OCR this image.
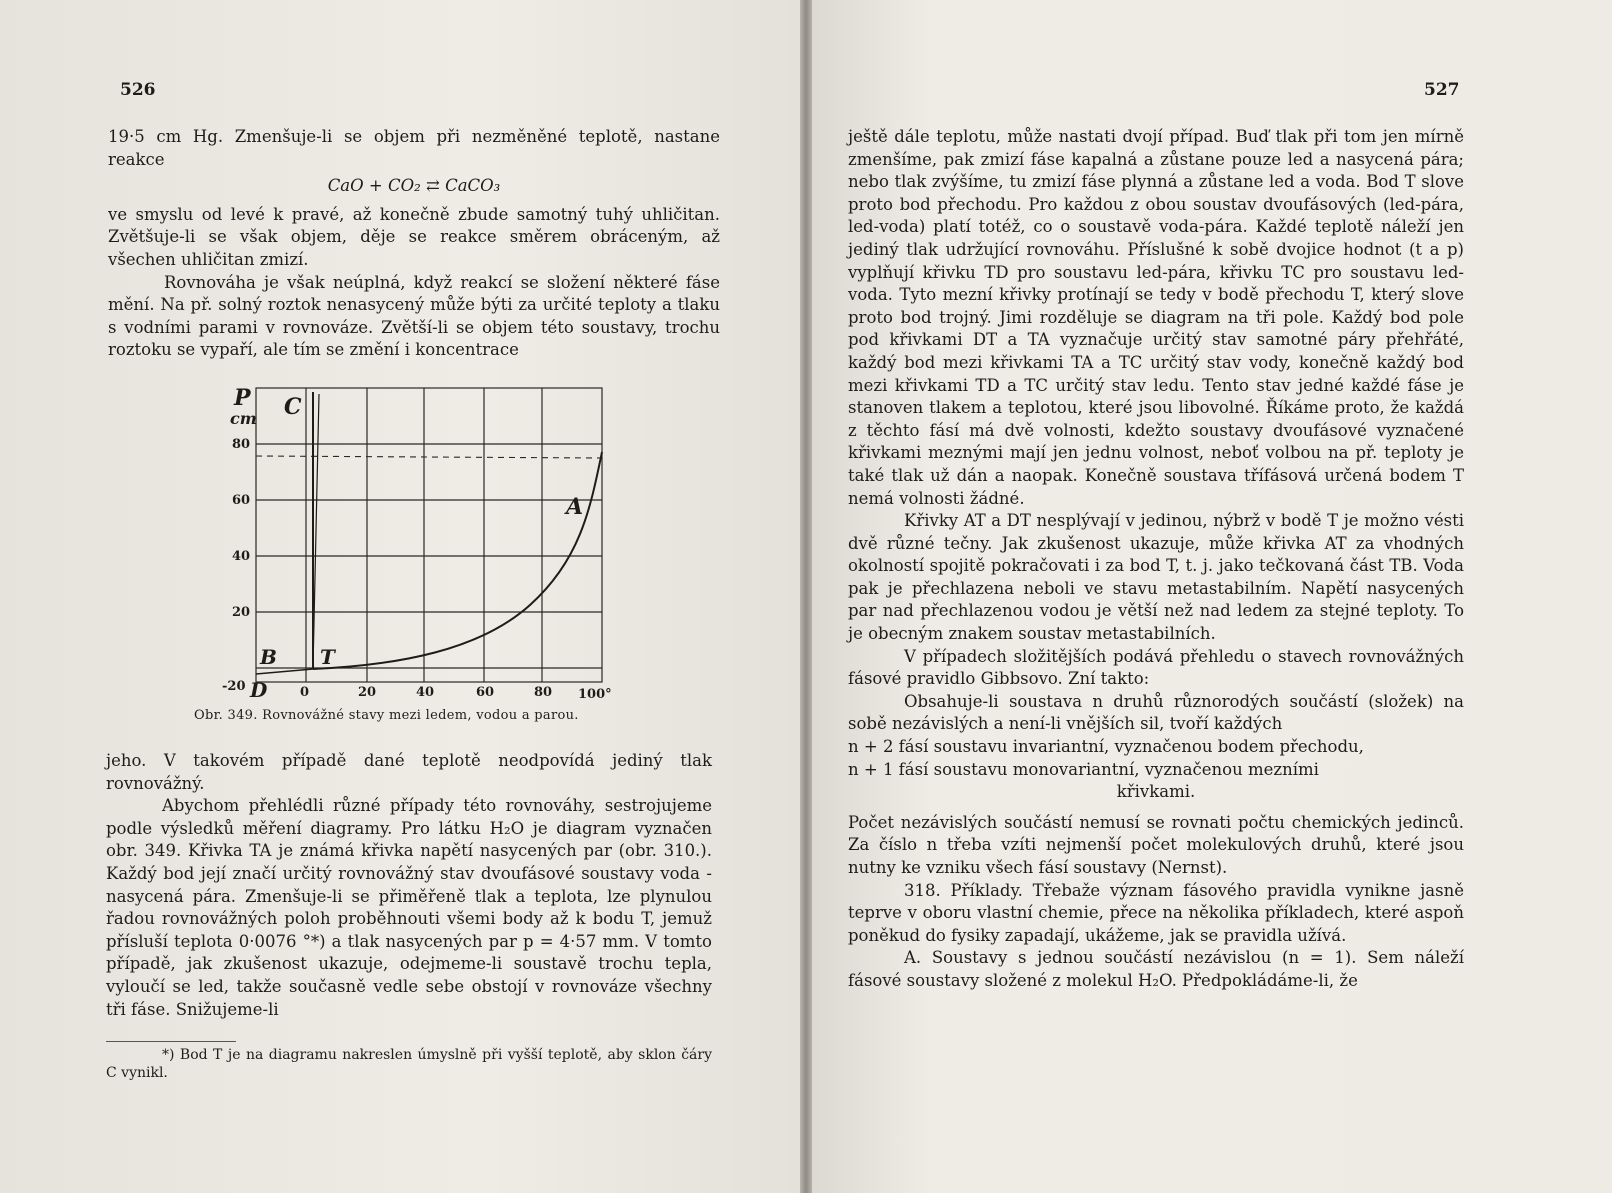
526

19·5 cm Hg. Zmenšuje-li se objem při nezměněné teplotě, nastane reakce

CaO + CO₂ ⇄ CaCO₃

ve smyslu od levé k pravé, až konečně zbude samotný tuhý uhličitan. Zvětšuje-li se však objem, děje se reakce směrem obráceným, až všechen uhličitan zmizí.

Rovnováha je však neúplná, když reakcí se složení některé fáse mění. Na př. solný roztok nenasycený může býti za určité teploty a tlaku s vodními parami v rovnováze. Zvětší-li se objem této soustavy, trochu roztoku se vypaří, ale tím se změní i koncentrace

P
cm
80
60
40
20
-20
C
A
B T
D	0	20	40	60	80 100°
Obr. 349. Rovnovážné stavy mezi ledem, vodou a parou.

jeho. V takovém případě dané teplotě neodpovídá jediný tlak rovnovážný.

Abychom přehlédli různé případy této rovnováhy, sestrojujeme podle výsledků měření diagramy. Pro látku H₂O je diagram vyznačen obr. 349. Křivka TA je známá křivka napětí nasycených par (obr. 310.). Každý bod její značí určitý rovnovážný stav dvoufásové soustavy voda - nasycená pára. Zmenšuje-li se přiměřeně tlak a teplota, lze plynulou řadou rovnovážných poloh proběhnouti všemi body až k bodu T, jemuž přísluší teplota 0·0076 °*) a tlak nasycených par p = 4·57 mm. V tomto případě, jak zkušenost ukazuje, odejmeme-li soustavě trochu tepla, vyloučí se led, takže současně vedle sebe obstojí v rovnováze všechny tři fáse. Snižujeme-li

*) Bod T je na diagramu nakreslen úmyslně při vyšší teplotě, aby sklon čáry C vynikl.

527

ještě dále teplotu, může nastati dvojí případ. Buď tlak při tom jen mírně zmenšíme, pak zmizí fáse kapalná a zůstane pouze led a nasycená pára; nebo tlak zvýšíme, tu zmizí fáse plynná a zůstane led a voda. Bod T slove proto bod přechodu. Pro každou z obou soustav dvoufásových (led-pára, led-voda) platí totéž, co o soustavě voda-pára. Každé teplotě náleží jen jediný tlak udržující rovnováhu. Příslušné k sobě dvojice hodnot (t a p) vyplňují křivku TD pro soustavu led-pára, křivku TC pro soustavu led-voda. Tyto mezní křivky protínají se tedy v bodě přechodu T, který slove proto bod trojný. Jimi rozděluje se diagram na tři pole. Každý bod pole pod křivkami DT a TA vyznačuje určitý stav samotné páry přehřáté, každý bod mezi křivkami TA a TC určitý stav vody, konečně každý bod mezi křivkami TD a TC určitý stav ledu. Tento stav jedné každé fáse je stanoven tlakem a teplotou, které jsou libovolné. Říkáme proto, že každá z těchto fásí má dvě volnosti, kdežto soustavy dvoufásové vyznačené křivkami meznými mají jen jednu volnost, neboť volbou na př. teploty je také tlak už dán a naopak. Konečně soustava třífásová určená bodem T nemá volnosti žádné.

Křivky AT a DT nesplývají v jedinou, nýbrž v bodě T je možno vésti dvě různé tečny. Jak zkušenost ukazuje, může křivka AT za vhodných okolností spojitě pokračovati i za bod T, t. j. jako tečkovaná část TB. Voda pak je přechlazena neboli ve stavu metastabilním. Napětí nasycených par nad přechlazenou vodou je větší než nad ledem za stejné teploty. To je obecným znakem soustav metastabilních.

V případech složitějších podává přehledu o stavech rovnovážných fásové pravidlo Gibbsovo. Zní takto:

Obsahuje-li soustava n druhů různorodých součástí (složek) na sobě nezávislých a není-li vnějších sil, tvoří každých

n + 2 fásí soustavu invariantní, vyznačenou bodem přechodu,

n + 1 fásí soustavu monovariantní, vyznačenou mezními

křivkami.

Počet nezávislých součástí nemusí se rovnati počtu chemických jedinců. Za číslo n třeba vzíti nejmenší počet molekulových druhů, které jsou nutny ke vzniku všech fásí soustavy (Nernst).

318. Příklady. Třebaže význam fásového pravidla vynikne jasně teprve v oboru vlastní chemie, přece na několika příkladech, které aspoň poněkud do fysiky zapadají, ukážeme, jak se pravidla užívá.

A. Soustavy s jednou součástí nezávislou (n = 1). Sem náleží fásové soustavy složené z molekul H₂O. Předpokládáme-li, že
